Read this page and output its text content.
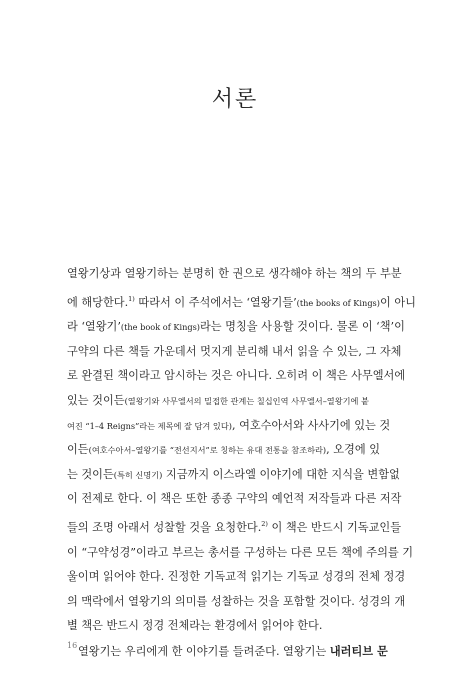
서론
열왕기상과 열왕기하는 분명히 한 권으로 생각해야 하는 책의 두 부분
에 해당한다.$^{1)}$ 따라서 이 주석에서는 ‘열왕기들’(the books of Kings)이 아니
라 ‘열왕기’(the book of Kings)라는 명칭을 사용할 것이다. 물론 이 ‘책’이
구약의 다른 책들 가운데서 멋지게 분리해 내서 읽을 수 있는, 그 자체
로 완결된 책이라고 암시하는 것은 아니다. 오히려 이 책은 사무엘서에
있는 것이든(열왕기와 사무엘서의 밀접한 관계는 칠십인역 사무엘서–열왕기에 붙
여진 “1–4 Reigns”라는 제목에 잘 담겨 있다), 여호수아서와 사사기에 있는 것
이든(여호수아서–열왕기를 “전선지서”로 칭하는 유대 전통을 참조하라), 오경에 있
는 것이든(특히 신명기) 지금까지 이스라엘 이야기에 대한 지식을 변함없
이 전제로 한다. 이 책은 또한 종종 구약의 예언적 저작들과 다른 저작
들의 조명 아래서 성찰할 것을 요청한다.$^{2)}$ 이 책은 반드시 기독교인들
이 “구약성경”이라고 부르는 총서를 구성하는 다른 모든 책에 주의를 기
울이며 읽어야 한다. 진정한 기독교적 읽기는 기독교 성경의 전체 정경
의 맥락에서 열왕기의 의미를 성찰하는 것을 포함할 것이다. 성경의 개
별 책은 반드시 정경 전체라는 환경에서 읽어야 한다.
열왕기는 우리에게 한 이야기를 들려준다. 열왕기는 내러티브 문
16
